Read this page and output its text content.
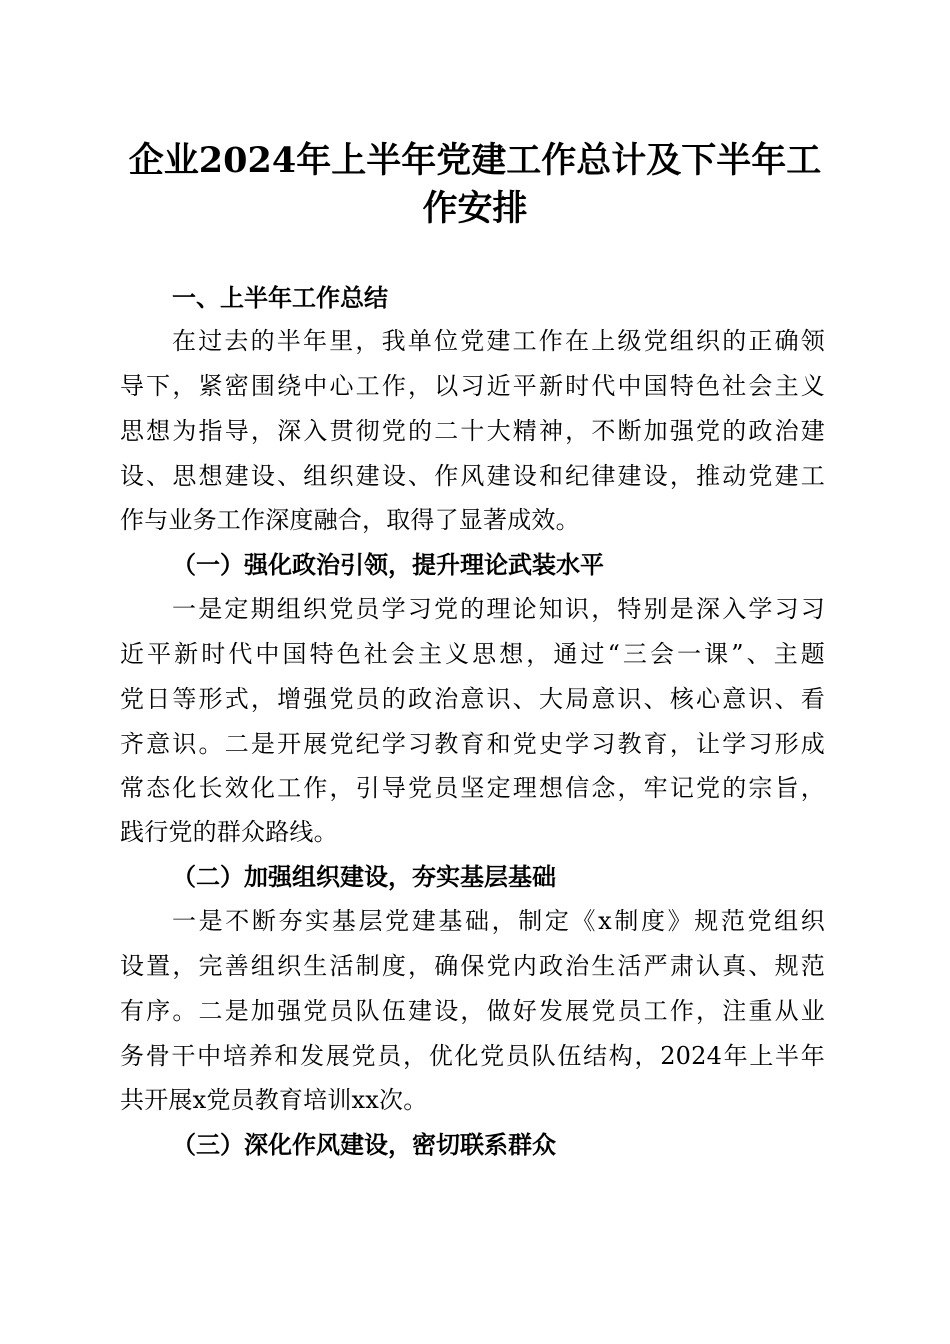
企业2024年上半年党建工作总计及下半年工
作安排
一、上半年工作总结

在过去的半年里，我单位党建工作在上级党组织的正确领

导下，紧密围绕中心工作，以习近平新时代中国特色社会主义

思想为指导，深入贯彻党的二十大精神，不断加强党的政治建

设、思想建设、组织建设、作风建设和纪律建设，推动党建工

作与业务工作深度融合，取得了显著成效。

（一）强化政治引领，提升理论武装水平

一是定期组织党员学习党的理论知识，特别是深入学习习

近平新时代中国特色社会主义思想，通过“三会一课”、主题

党日等形式，增强党员的政治意识、大局意识、核心意识、看

齐意识。二是开展党纪学习教育和党史学习教育，让学习形成

常态化长效化工作，引导党员坚定理想信念，牢记党的宗旨，

践行党的群众路线。

（二）加强组织建设，夯实基层基础

一是不断夯实基层党建基础，制定《x制度》规范党组织

设置，完善组织生活制度，确保党内政治生活严肃认真、规范

有序。二是加强党员队伍建设，做好发展党员工作，注重从业

务骨干中培养和发展党员，优化党员队伍结构，2024年上半年

共开展x党员教育培训xx次。

（三）深化作风建设，密切联系群众
